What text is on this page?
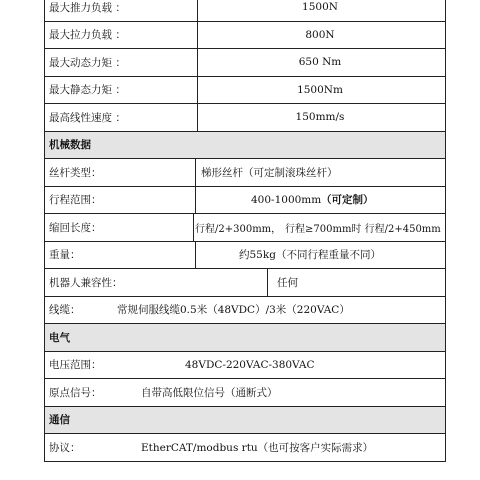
最大推力负载 ：	1500N
最大拉力负载 ：	800N
最大动态力矩 ：	650 Nm
最大静态力矩 ：	1500Nm
最高线性速度 ：	150mm/s
机械数据
丝杆类型：	梯形丝杆（可定制滚珠丝杆）
行程范围：	400-1000mm （可定制）
缩回长度：	行程/2+300mm， 行程≥700mm时 行程/2+450mm
重量：	约55kg（不同行程重量不同）
机器人兼容性：	任何
线缆：	常规伺服线缆0.5米（48VDC）/3米（220VAC）
电气
电压范围：	48VDC-220VAC-380VAC
原点信号：	自带高低限位信号（通断式）
通信
协议：	EtherCAT/modbus rtu（也可按客户实际需求）
